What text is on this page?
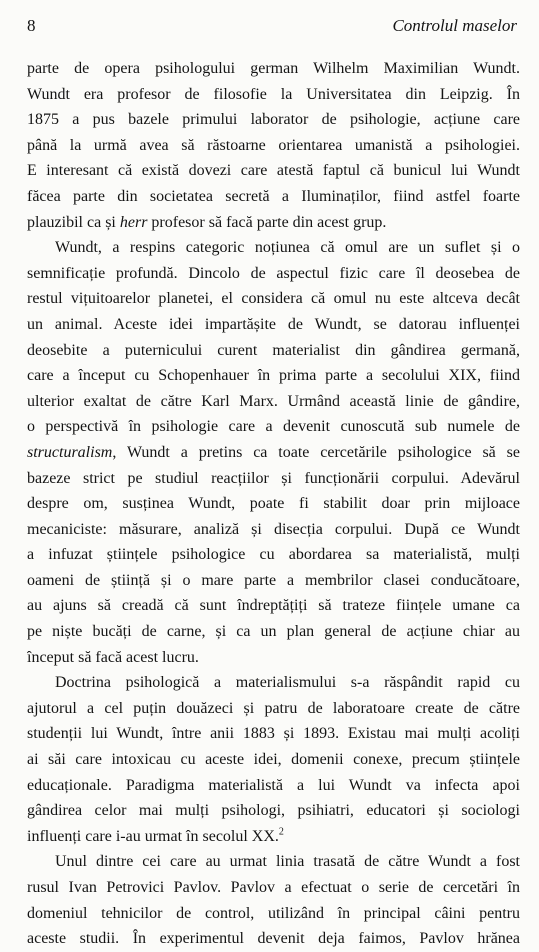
8	Controlul maselor
parte de opera psihologului german Wilhelm Maximilian Wundt.
Wundt era profesor de filosofie la Universitatea din Leipzig. În
1875 a pus bazele primului laborator de psihologie, acțiune care
până la urmă avea să răstoarne orientarea umanistă a psihologiei.
E interesant că există dovezi care atestă faptul că bunicul lui Wundt
făcea parte din societatea secretă a Iluminaților, fiind astfel foarte
plauzibil ca și herr profesor să facă parte din acest grup.
Wundt, a respins categoric noțiunea că omul are un suflet și o
semnificație profundă. Dincolo de aspectul fizic care îl deosebea de
restul vițuitoarelor planetei, el considera că omul nu este altceva decât
un animal. Aceste idei impartășite de Wundt, se datorau influenței
deosebite a puternicului curent materialist din gândirea germană,
care a început cu Schopenhauer în prima parte a secolului XIX, fiind
ulterior exaltat de către Karl Marx. Urmând această linie de gândire,
o perspectivă în psihologie care a devenit cunoscută sub numele de
structuralism, Wundt a pretins ca toate cercetările psihologice să se
bazeze strict pe studiul reacțiilor și funcționării corpului. Adevărul
despre om, susținea Wundt, poate fi stabilit doar prin mijloace
mecaniciste: măsurare, analiză și disecția corpului. După ce Wundt
a infuzat științele psihologice cu abordarea sa materialistă, mulți
oameni de știință și o mare parte a membrilor clasei conducătoare,
au ajuns să creadă că sunt îndreptățiți să trateze ființele umane ca
pe niște bucăți de carne, și ca un plan general de acțiune chiar au
început să facă acest lucru.
Doctrina psihologică a materialismului s-a răspândit rapid cu
ajutorul a cel puțin douăzeci și patru de laboratoare create de către
studenții lui Wundt, între anii 1883 și 1893. Existau mai mulți acoliți
ai săi care intoxicau cu aceste idei, domenii conexe, precum științele
educaționale. Paradigma materialistă a lui Wundt va infecta apoi
gândirea celor mai mulți psihologi, psihiatri, educatori și sociologi
influenți care i-au urmat în secolul XX.$^2$
Unul dintre cei care au urmat linia trasată de către Wundt a fost
rusul Ivan Petrovici Pavlov. Pavlov a efectuat o serie de cercetări în
domeniul tehnicilor de control, utilizând în principal câini pentru
aceste studii. În experimentul devenit deja faimos, Pavlov hrănea
